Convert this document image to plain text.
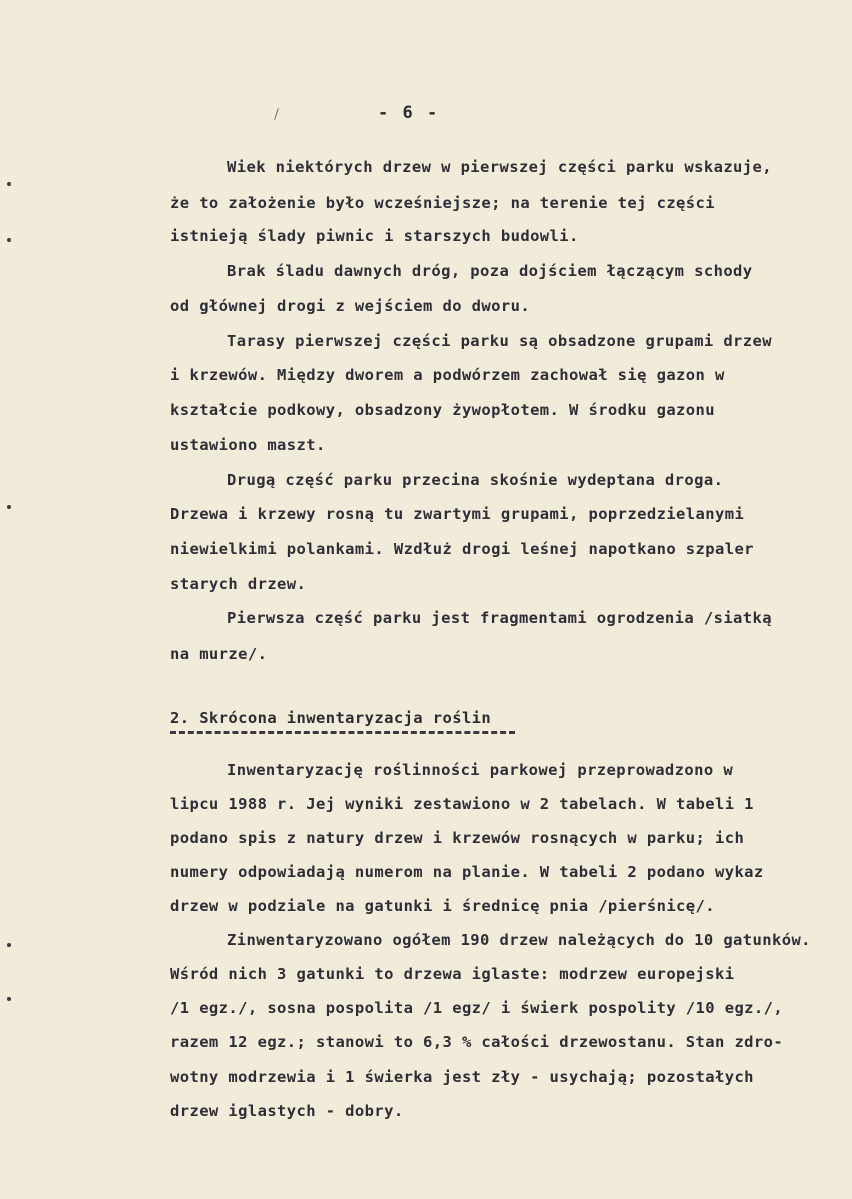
- 6 -
Wiek niektórych drzew w pierwszej części parku wskazuje,
że to założenie było wcześniejsze; na terenie tej części
istnieją ślady piwnic i starszych budowli.
Brak śladu dawnych dróg, poza dojściem łączącym schody
od głównej drogi z wejściem do dworu.
Tarasy pierwszej części parku są obsadzone grupami drzew
i krzewów. Między dworem a podwórzem zachował się gazon w
kształcie podkowy, obsadzony żywopłotem. W środku gazonu
ustawiono maszt.
Drugą część parku przecina skośnie wydeptana droga.
Drzewa i krzewy rosną tu zwartymi grupami, poprzedzielanymi
niewielkimi polankami. Wzdłuż drogi leśnej napotkano szpaler
starych drzew.
Pierwsza część parku jest fragmentami ogrodzenia /siatką
na murze/.
2. Skrócona inwentaryzacja roślin
Inwentaryzację roślinności parkowej przeprowadzono w
lipcu 1988 r. Jej wyniki zestawiono w 2 tabelach. W tabeli 1
podano spis z natury drzew i krzewów rosnących w parku; ich
numery odpowiadają numerom na planie. W tabeli 2 podano wykaz
drzew w podziale na gatunki i średnicę pnia /pierśnicę/.
Zinwentaryzowano ogółem 190 drzew należących do 10 gatunków.
Wśród nich 3 gatunki to drzewa iglaste: modrzew europejski
/1 egz./, sosna pospolita /1 egz/ i świerk pospolity /10 egz./,
razem 12 egz.; stanowi to 6,3 % całości drzewostanu. Stan zdro-
wotny modrzewia i 1 świerka jest zły - usychają; pozostałych
drzew iglastych - dobry.
